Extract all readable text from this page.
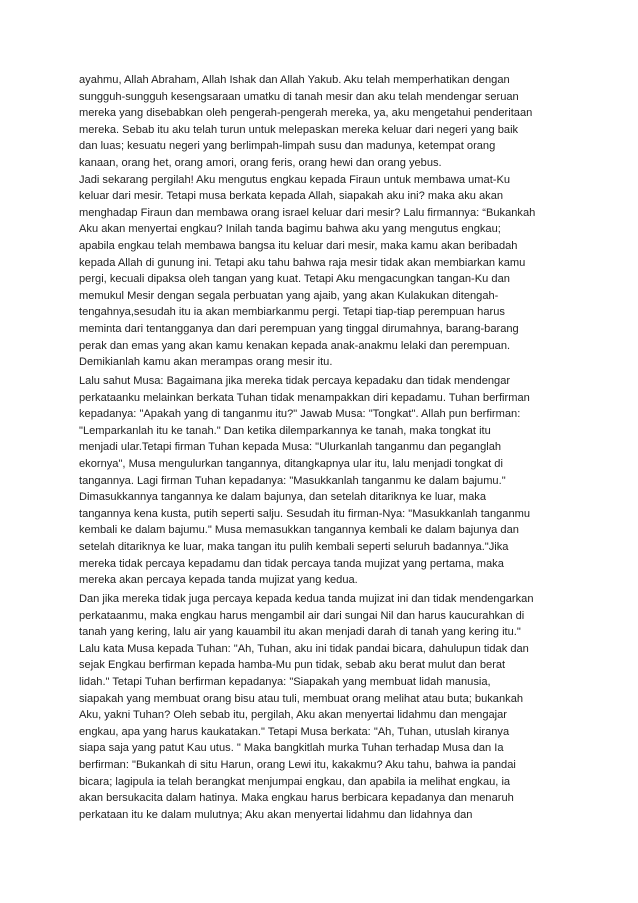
ayahmu, Allah Abraham, Allah Ishak dan Allah Yakub. Aku telah memperhatikan dengan
sungguh-sungguh kesengsaraan umatku di tanah mesir dan aku telah mendengar seruan
mereka yang disebabkan oleh pengerah-pengerah mereka, ya, aku mengetahui penderitaan
mereka. Sebab itu aku telah turun untuk melepaskan mereka keluar dari negeri yang baik
dan luas; kesuatu negeri yang berlimpah-limpah susu dan madunya, ketempat orang
kanaan, orang het, orang amori, orang feris, orang hewi dan orang yebus.
Jadi sekarang pergilah! Aku mengutus engkau kepada Firaun untuk membawa umat-Ku
keluar dari mesir. Tetapi musa berkata kepada Allah, siapakah aku ini? maka aku akan
menghadap Firaun dan membawa orang israel keluar dari mesir? Lalu firmannya: “Bukankah
Aku akan menyertai engkau? Inilah tanda bagimu bahwa aku yang mengutus engkau;
apabila engkau telah membawa bangsa itu keluar dari mesir, maka kamu akan beribadah
kepada Allah di gunung ini. Tetapi aku tahu bahwa raja mesir tidak akan membiarkan kamu
pergi, kecuali dipaksa oleh tangan yang kuat. Tetapi Aku mengacungkan tangan-Ku dan
memukul Mesir dengan segala perbuatan yang ajaib, yang akan Kulakukan ditengah-
tengahnya,sesudah itu ia akan membiarkanmu pergi. Tetapi tiap-tiap perempuan harus
meminta dari tentangganya dan dari perempuan yang tinggal dirumahnya, barang-barang
perak dan emas yang akan kamu kenakan kepada anak-anakmu lelaki dan perempuan.
Demikianlah kamu akan merampas orang mesir itu.
Lalu sahut Musa: Bagaimana jika mereka tidak percaya kepadaku dan tidak mendengar
perkataanku melainkan berkata Tuhan tidak menampakkan diri kepadamu. Tuhan berfirman
kepadanya: "Apakah yang di tanganmu itu?" Jawab Musa: "Tongkat". Allah pun berfirman:
"Lemparkanlah itu ke tanah." Dan ketika dilemparkannya ke tanah, maka tongkat itu
menjadi ular.Tetapi firman Tuhan kepada Musa: "Ulurkanlah tanganmu dan peganglah
ekornya", Musa mengulurkan tangannya, ditangkapnya ular itu, lalu menjadi tongkat di
tangannya. Lagi firman Tuhan kepadanya: "Masukkanlah tanganmu ke dalam bajumu."
Dimasukkannya tangannya ke dalam bajunya, dan setelah ditariknya ke luar, maka
tangannya kena kusta, putih seperti salju. Sesudah itu firman-Nya: "Masukkanlah tanganmu
kembali ke dalam bajumu." Musa memasukkan tangannya kembali ke dalam bajunya dan
setelah ditariknya ke luar, maka tangan itu pulih kembali seperti seluruh badannya."Jika
mereka tidak percaya kepadamu dan tidak percaya tanda mujizat yang pertama, maka
mereka akan percaya kepada tanda mujizat yang kedua.
Dan jika mereka tidak juga percaya kepada kedua tanda mujizat ini dan tidak mendengarkan
perkataanmu, maka engkau harus mengambil air dari sungai Nil dan harus kaucurahkan di
tanah yang kering, lalu air yang kauambil itu akan menjadi darah di tanah yang kering itu."
Lalu kata Musa kepada Tuhan: "Ah, Tuhan, aku ini tidak pandai bicara, dahulupun tidak dan
sejak Engkau berfirman kepada hamba-Mu pun tidak, sebab aku berat mulut dan berat
lidah." Tetapi Tuhan berfirman kepadanya: "Siapakah yang membuat lidah manusia,
siapakah yang membuat orang bisu atau tuli, membuat orang melihat atau buta; bukankah
Aku, yakni Tuhan? Oleh sebab itu, pergilah, Aku akan menyertai lidahmu dan mengajar
engkau, apa yang harus kaukatakan." Tetapi Musa berkata: "Ah, Tuhan, utuslah kiranya
siapa saja yang patut Kau utus. " Maka bangkitlah murka Tuhan terhadap Musa dan Ia
berfirman: "Bukankah di situ Harun, orang Lewi itu, kakakmu? Aku tahu, bahwa ia pandai
bicara; lagipula ia telah berangkat menjumpai engkau, dan apabila ia melihat engkau, ia
akan bersukacita dalam hatinya. Maka engkau harus berbicara kepadanya dan menaruh
perkataan itu ke dalam mulutnya; Aku akan menyertai lidahmu dan lidahnya dan
